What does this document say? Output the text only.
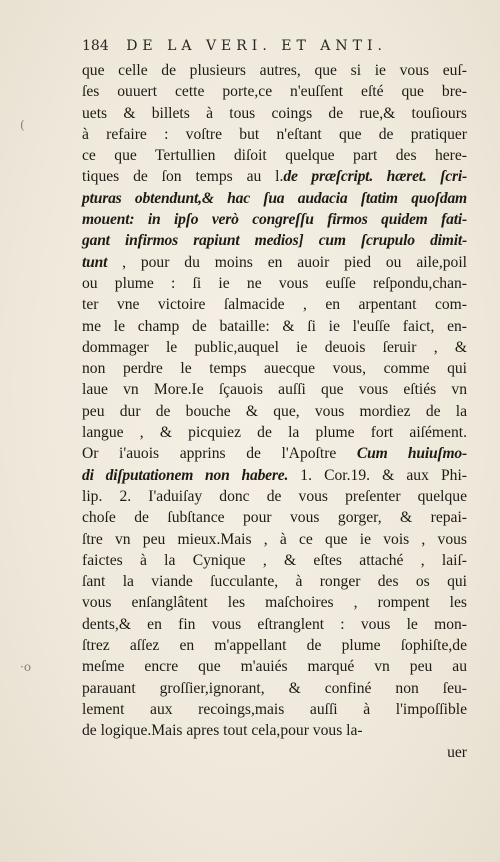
(
·o
184 DE LA VERI. ET ANTI.
que celle de plusieurs autres, que si ie vous euſ-
ſes ouuert cette porte,ce n'euſſent eſté que bre-
uets & billets à tous coings de rue,& touſiours
à refaire : voſtre but n'eſtant que de pratiquer
ce que Tertullien diſoit quelque part des here-
tiques de ſon temps au l.de præſcript. hæret. ſcri-
pturas obtendunt,& hac ſua audacia ſtatim quoſdam
mouent: in ipſo verò congreſſu firmos quidem fati-
gant infirmos rapiunt medios] cum ſcrupulo dimit-
tunt , pour du moins en auoir pied ou aile,poil
ou plume : ſi ie ne vous euſſe reſpondu,chan-
ter vne victoire ſalmacide , en arpentant com-
me le champ de bataille: & ſi ie l'euſſe faict, en-
dommager le public,auquel ie deuois ſeruir , &
non perdre le temps auecque vous, comme qui
laue vn More.Ie ſçauois auſſi que vous eſtiés vn
peu dur de bouche & que, vous mordiez de la
langue , & picquiez de la plume fort aiſément.
Or i'auois apprins de l'Apoſtre Cum huiuſmo-
di diſputationem non habere. 1. Cor.19. & aux Phi-
lip. 2. I'aduiſay donc de vous preſenter quelque
choſe de ſubſtance pour vous gorger, & repai-
ſtre vn peu mieux.Mais , à ce que ie vois , vous
faictes à la Cynique , & eſtes attaché , laiſ-
ſant la viande ſucculante, à ronger des os qui
vous enſanglâtent les maſchoires , rompent les
dents,& en fin vous eſtranglent : vous le mon-
ſtrez aſſez en m'appellant de plume ſophiſte,de
meſme encre que m'auiés marqué vn peu au
parauant groſſier,ignorant, & confiné non ſeu-
lement aux recoings,mais auſſi à l'impoſſible
de logique.Mais apres tout cela,pour vous la-
uer
